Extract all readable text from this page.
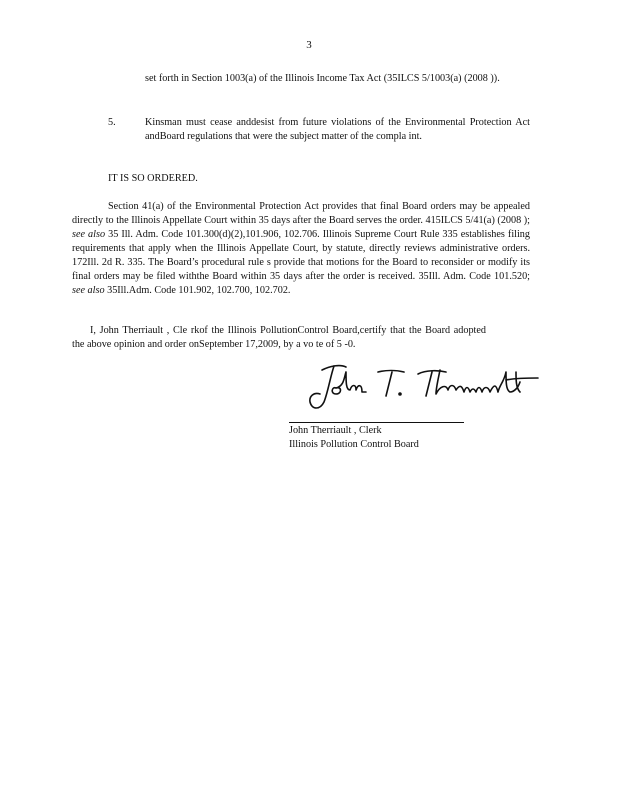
3
set forth in Section 1003(a) of the Illinois Income Tax Act (35ILCS 5/1003(a) (2008 )).
5.	Kinsman must cease anddesist from future violations of the Environmental Protection Act andBoard regulations that were the subject matter of the compla int.
IT IS SO ORDERED.
Section 41(a) of the Environmental Protection Act provides that final Board orders may be appealed directly to the Illinois Appellate Court within 35 days after the Board serves the order. 415ILCS 5/41(a) (2008 ); see also 35 Ill. Adm. Code 101.300(d)(2),101.906, 102.706. Illinois Supreme Court Rule 335 establishes filing requirements that apply when the Illinois Appellate Court, by statute, directly reviews administrative orders. 172Ill. 2d R. 335. The Board’s procedural rule s provide that motions for the Board to reconsider or modify its final orders may be filed withthe Board within 35 days after the order is received. 35Ill. Adm. Code 101.520; see also 35Ill.Adm. Code 101.902, 102.700, 102.702.
I, John Therriault , Cle rkof the Illinois PollutionControl Board,certify that the Board adopted the above opinion and order onSeptember 17,2009, by a vo te of 5 -0.
John Therriault , Clerk
Illinois Pollution Control Board
